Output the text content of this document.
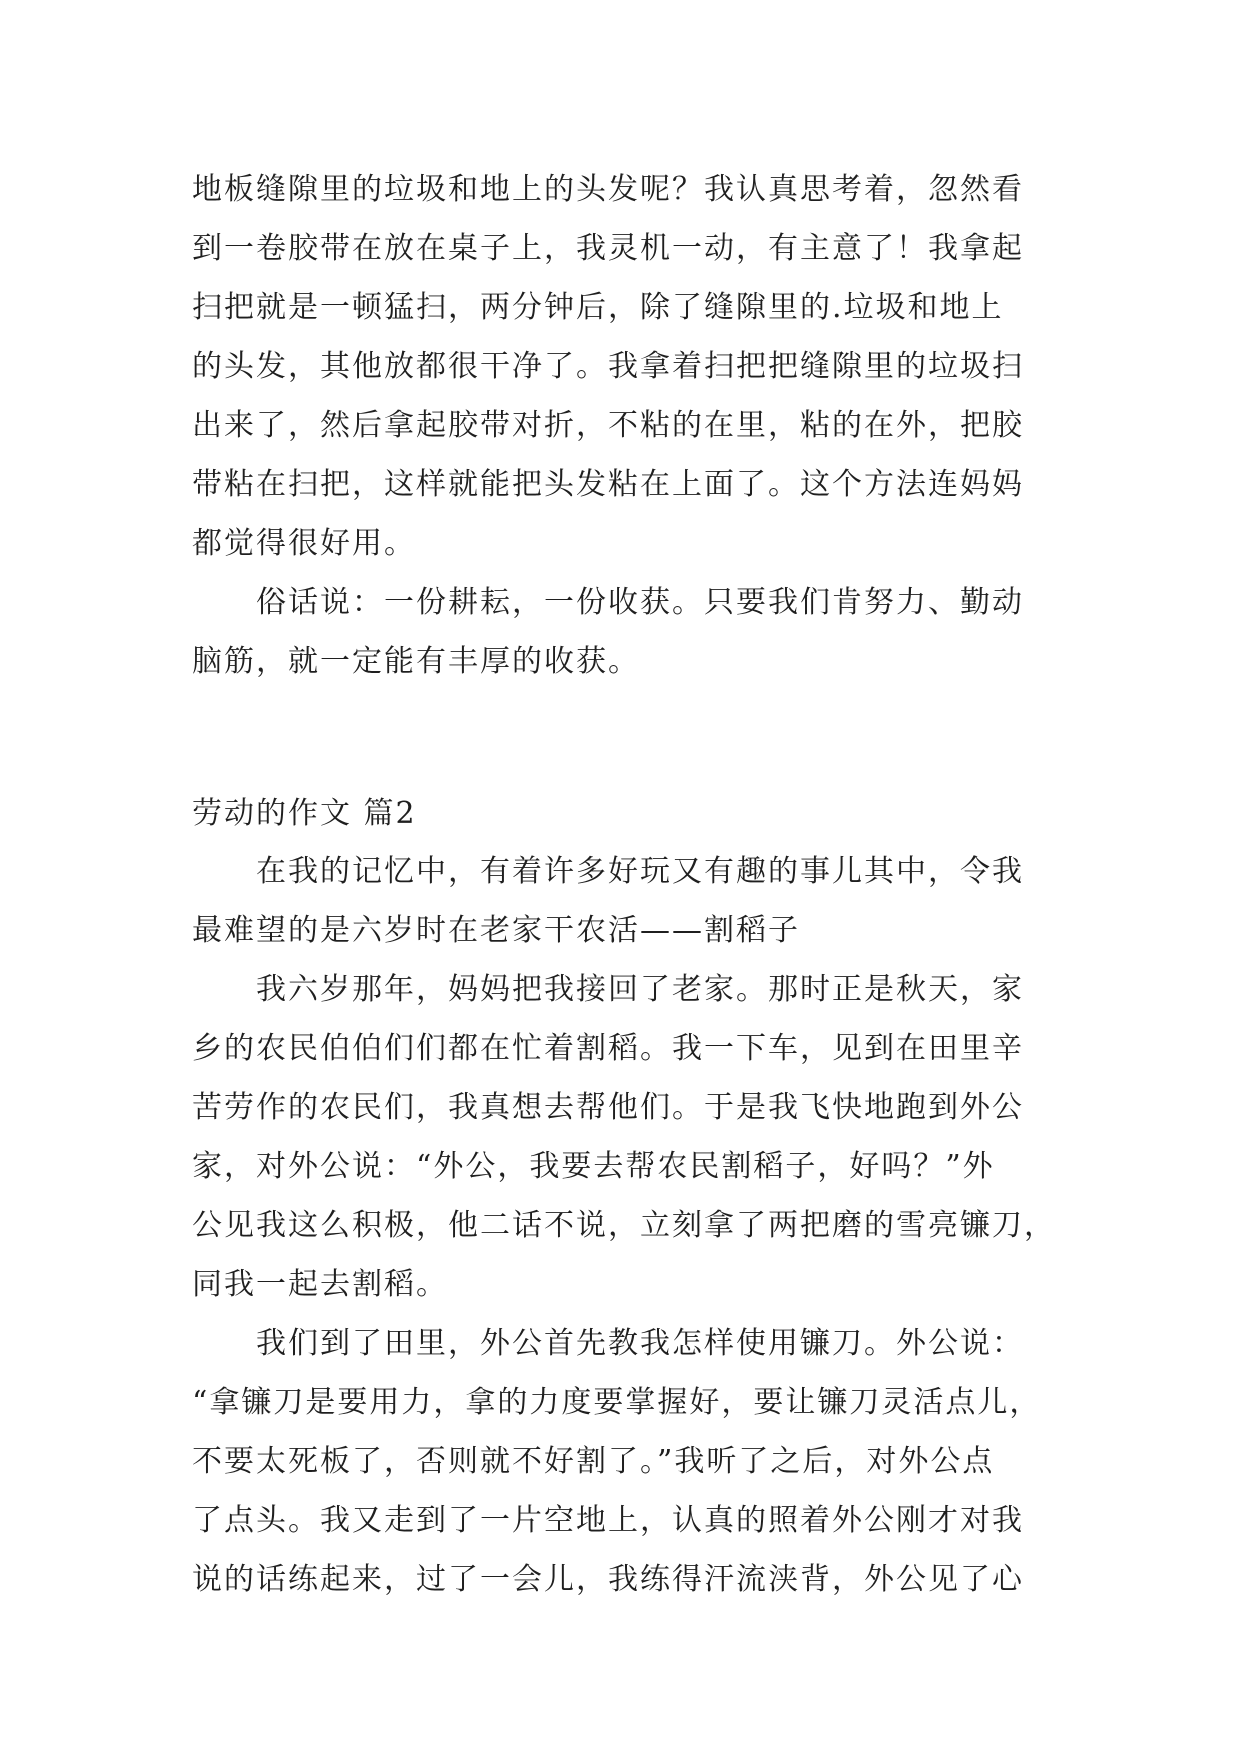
地板缝隙里的垃圾和地上的头发呢？我认真思考着，忽然看
到一卷胶带在放在桌子上，我灵机一动，有主意了！我拿起
扫把就是一顿猛扫，两分钟后，除了缝隙里的.垃圾和地上
的头发，其他放都很干净了。我拿着扫把把缝隙里的垃圾扫
出来了，然后拿起胶带对折，不粘的在里，粘的在外，把胶
带粘在扫把，这样就能把头发粘在上面了。这个方法连妈妈
都觉得很好用。
俗话说：一份耕耘，一份收获。只要我们肯努力、勤动
脑筋，就一定能有丰厚的收获。
劳动的作文 篇2
在我的记忆中，有着许多好玩又有趣的事儿其中，令我
最难望的是六岁时在老家干农活——割稻子
我六岁那年，妈妈把我接回了老家。那时正是秋天，家
乡的农民伯伯们们都在忙着割稻。我一下车，见到在田里辛
苦劳作的农民们，我真想去帮他们。于是我飞快地跑到外公
家，对外公说：“外公，我要去帮农民割稻子，好吗？”外
公见我这么积极，他二话不说，立刻拿了两把磨的雪亮镰刀，
同我一起去割稻。
我们到了田里，外公首先教我怎样使用镰刀。外公说：
“拿镰刀是要用力，拿的力度要掌握好，要让镰刀灵活点儿，
不要太死板了，否则就不好割了。”我听了之后，对外公点
了点头。我又走到了一片空地上，认真的照着外公刚才对我
说的话练起来，过了一会儿，我练得汗流浃背，外公见了心
